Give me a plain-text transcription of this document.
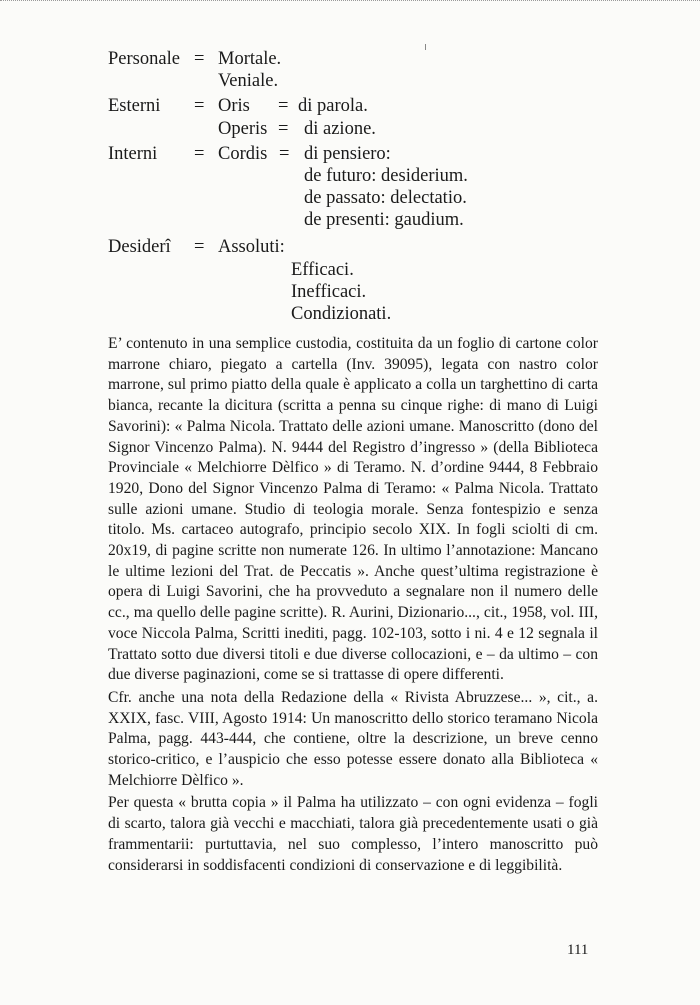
Personale = Mortale.
Veniale.
Esterni = Oris = di parola.
Operis = di azione.
Interni = Cordis = di pensiero:
de futuro: desiderium.
de passato: delectatio.
de presenti: gaudium.
Desiderî = Assoluti:
Efficaci.
Inefficaci.
Condizionati.

E’ contenuto in una semplice custodia, costituita da un foglio di cartone color marrone chiaro, piegato a cartella (Inv. 39095), legata con nastro color marrone, sul primo piatto della quale è applicato a colla un targhettino di carta bianca, recante la dicitura (scritta a penna su cinque righe: di mano di Luigi Savorini): « Palma Nicola. Trattato delle azioni umane. Manoscritto (dono del Signor Vincenzo Palma). N. 9444 del Registro d’ingresso » (della Biblioteca Provinciale « Melchiorre Dèlfico » di Teramo. N. d’ordine 9444, 8 Febbraio 1920, Dono del Signor Vincenzo Palma di Teramo: « Palma Nicola. Trattato sulle azioni umane. Studio di teologia morale. Senza fontespizio e senza titolo. Ms. cartaceo autografo, principio secolo XIX. In fogli sciolti di cm. 20x19, di pagine scritte non numerate 126. In ultimo l’annotazione: Mancano le ultime lezioni del Trat. de Peccatis ». Anche quest’ultima registrazione è opera di Luigi Savorini, che ha provveduto a segnalare non il numero delle cc., ma quello delle pagine scritte). R. Aurini, Dizionario..., cit., 1958, vol. III, voce Niccola Palma, Scritti inediti, pagg. 102-103, sotto i ni. 4 e 12 segnala il Trattato sotto due diversi titoli e due diverse collocazioni, e – da ultimo – con due diverse paginazioni, come se si trattasse di opere differenti.

Cfr. anche una nota della Redazione della « Rivista Abruzzese... », cit., a. XXIX, fasc. VIII, Agosto 1914: Un manoscritto dello storico teramano Nicola Palma, pagg. 443-444, che contiene, oltre la descrizione, un breve cenno storico-critico, e l’auspicio che esso potesse essere donato alla Biblioteca « Melchiorre Dèlfico ».

Per questa « brutta copia » il Palma ha utilizzato – con ogni evidenza – fogli di scarto, talora già vecchi e macchiati, talora già precedentemente usati o già frammentarii: purtuttavia, nel suo complesso, l’intero manoscritto può considerarsi in soddisfacenti condizioni di conservazione e di leggibilità.

111
